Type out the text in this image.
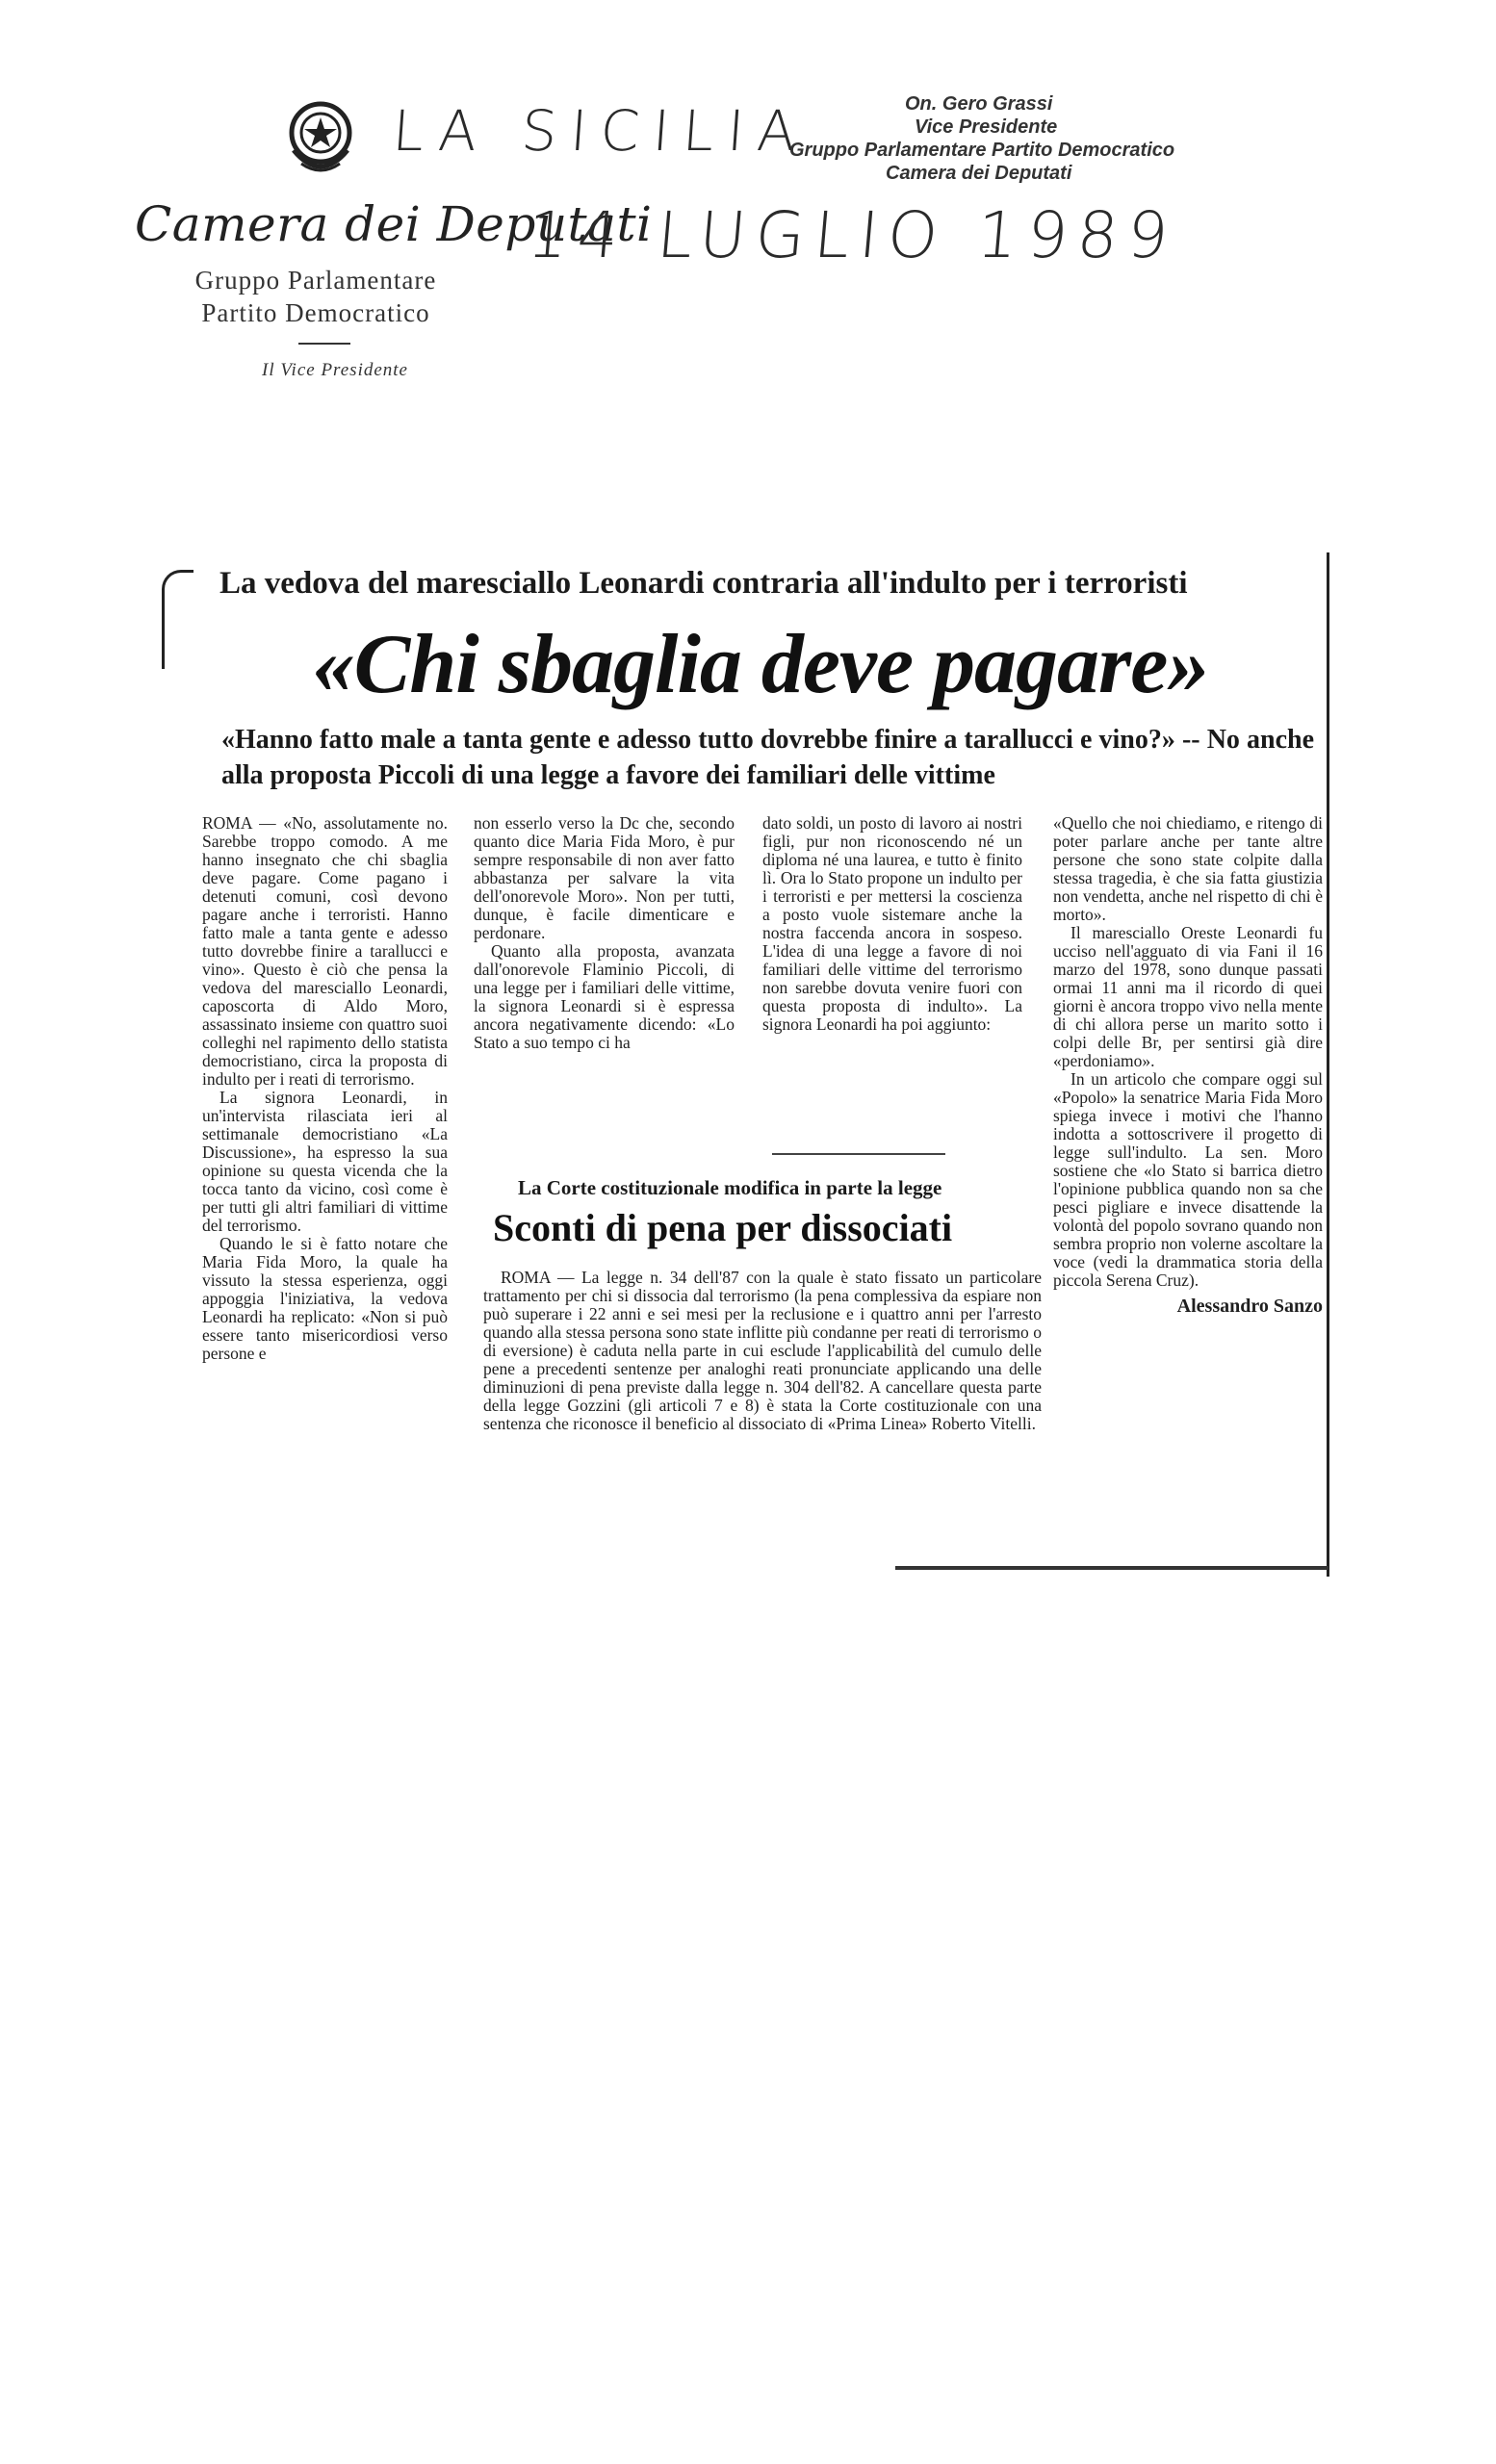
Camera dei Deputati
Gruppo Parlamentare
Partito Democratico
Il Vice Presidente
LA SICILIA
14 LUGLIO 1989
On. Gero Grassi
Vice Presidente
Gruppo Parlamentare Partito Democratico
Camera dei Deputati
La vedova del maresciallo Leonardi contraria all'indulto per i terroristi
«Chi sbaglia deve pagare»
«Hanno fatto male a tanta gente e adesso tutto dovrebbe finire a tarallucci e vino?» -- No anche alla proposta Piccoli di una legge a favore dei familiari delle vittime

ROMA — «No, assolutamente no. Sarebbe troppo comodo. A me hanno insegnato che chi sbaglia deve pagare. Come pagano i detenuti comuni, così devono pagare anche i terroristi. Hanno fatto male a tanta gente e adesso tutto dovrebbe finire a tarallucci e vino». Questo è ciò che pensa la vedova del maresciallo Leonardi, caposcorta di Aldo Moro, assassinato insieme con quattro suoi colleghi nel rapimento dello statista democristiano, circa la proposta di indulto per i reati di terrorismo.

La signora Leonardi, in un'intervista rilasciata ieri al settimanale democristiano «La Discussione», ha espresso la sua opinione su questa vicenda che la tocca tanto da vicino, così come è per tutti gli altri familiari di vittime del terrorismo.

Quando le si è fatto notare che Maria Fida Moro, la quale ha vissuto la stessa esperienza, oggi appoggia l'iniziativa, la vedova Leonardi ha replicato: «Non si può essere tanto misericordiosi verso persone e

non esserlo verso la Dc che, secondo quanto dice Maria Fida Moro, è pur sempre responsabile di non aver fatto abbastanza per salvare la vita dell'onorevole Moro». Non per tutti, dunque, è facile dimenticare e perdonare.

Quanto alla proposta, avanzata dall'onorevole Flaminio Piccoli, di una legge per i familiari delle vittime, la signora Leonardi si è espressa ancora negativamente dicendo: «Lo Stato a suo tempo ci ha

dato soldi, un posto di lavoro ai nostri figli, pur non riconoscendo né un diploma né una laurea, e tutto è finito lì. Ora lo Stato propone un indulto per i terroristi e per mettersi la coscienza a posto vuole sistemare anche la nostra faccenda ancora in sospeso. L'idea di una legge a favore di noi familiari delle vittime del terrorismo non sarebbe dovuta venire fuori con questa proposta di indulto». La signora Leonardi ha poi aggiunto:

«Quello che noi chiediamo, e ritengo di poter parlare anche per tante altre persone che sono state colpite dalla stessa tragedia, è che sia fatta giustizia non vendetta, anche nel rispetto di chi è morto».

Il maresciallo Oreste Leonardi fu ucciso nell'agguato di via Fani il 16 marzo del 1978, sono dunque passati ormai 11 anni ma il ricordo di quei giorni è ancora troppo vivo nella mente di chi allora perse un marito sotto i colpi delle Br, per sentirsi già dire «perdoniamo».

In un articolo che compare oggi sul «Popolo» la senatrice Maria Fida Moro spiega invece i motivi che l'hanno indotta a sottoscrivere il progetto di legge sull'indulto. La sen. Moro sostiene che «lo Stato si barrica dietro l'opinione pubblica quando non sa che pesci pigliare e invece disattende la volontà del popolo sovrano quando non sembra proprio non volerne ascoltare la voce (vedi la drammatica storia della piccola Serena Cruz).

Alessandro Sanzo

La Corte costituzionale modifica in parte la legge
Sconti di pena per dissociati

ROMA — La legge n. 34 dell'87 con la quale è stato fissato un particolare trattamento per chi si dissocia dal terrorismo (la pena complessiva da espiare non può superare i 22 anni e sei mesi per la reclusione e i quattro anni per l'arresto quando alla stessa persona sono state inflitte più condanne per reati di terrorismo o di eversione) è caduta nella parte in cui esclude l'applicabilità del cumulo delle pene a precedenti sentenze per analoghi reati pronunciate applicando una delle diminuzioni di pena previste dalla legge n. 304 dell'82. A cancellare questa parte della legge Gozzini (gli articoli 7 e 8) è stata la Corte costituzionale con una sentenza che riconosce il beneficio al dissociato di «Prima Linea» Roberto Vitelli.
